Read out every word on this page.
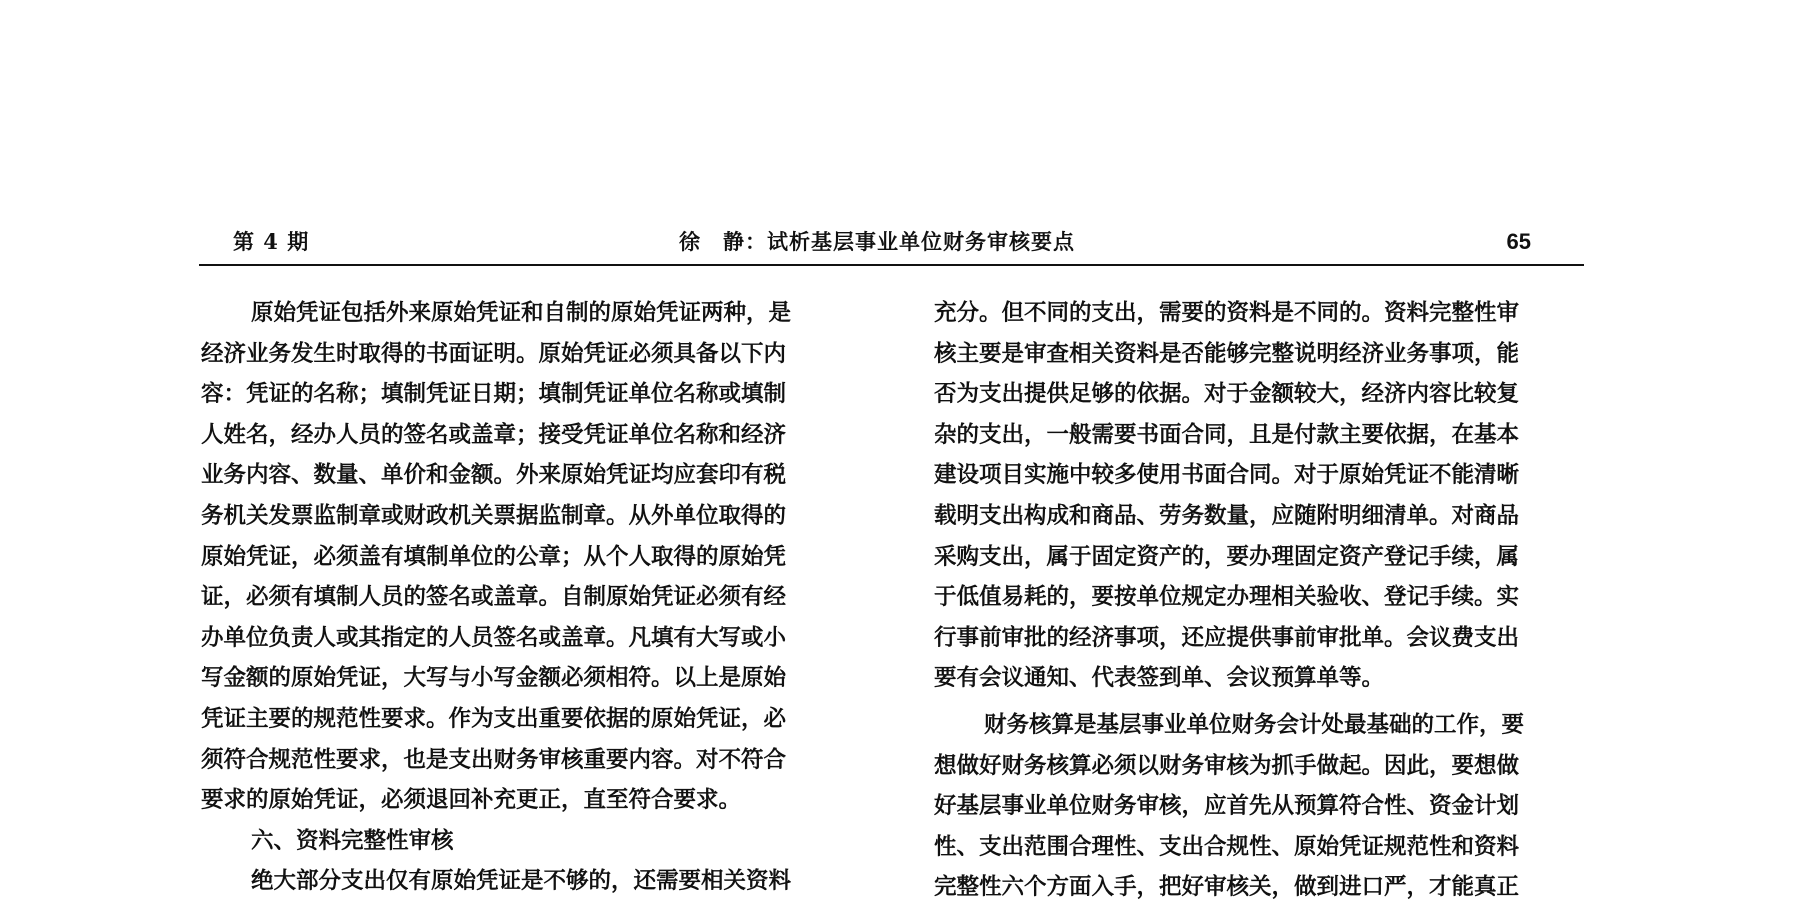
第 4 期	徐　静：试析基层事业单位财务审核要点	65
原始凭证包括外来原始凭证和自制的原始凭证两种，是
经济业务发生时取得的书面证明。原始凭证必须具备以下内
容：凭证的名称；填制凭证日期；填制凭证单位名称或填制
人姓名，经办人员的签名或盖章；接受凭证单位名称和经济
业务内容、数量、单价和金额。外来原始凭证均应套印有税
务机关发票监制章或财政机关票据监制章。从外单位取得的
原始凭证，必须盖有填制单位的公章；从个人取得的原始凭
证，必须有填制人员的签名或盖章。自制原始凭证必须有经
办单位负责人或其指定的人员签名或盖章。凡填有大写或小
写金额的原始凭证，大写与小写金额必须相符。以上是原始
凭证主要的规范性要求。作为支出重要依据的原始凭证，必
须符合规范性要求，也是支出财务审核重要内容。对不符合
要求的原始凭证，必须退回补充更正，直至符合要求。
六、资料完整性审核
绝大部分支出仅有原始凭证是不够的，还需要相关资料
充分。但不同的支出，需要的资料是不同的。资料完整性审
核主要是审查相关资料是否能够完整说明经济业务事项，能
否为支出提供足够的依据。对于金额较大，经济内容比较复
杂的支出，一般需要书面合同，且是付款主要依据，在基本
建设项目实施中较多使用书面合同。对于原始凭证不能清晰
载明支出构成和商品、劳务数量，应随附明细清单。对商品
采购支出，属于固定资产的，要办理固定资产登记手续，属
于低值易耗的，要按单位规定办理相关验收、登记手续。实
行事前审批的经济事项，还应提供事前审批单。会议费支出
要有会议通知、代表签到单、会议预算单等。
财务核算是基层事业单位财务会计处最基础的工作，要
想做好财务核算必须以财务审核为抓手做起。因此，要想做
好基层事业单位财务审核，应首先从预算符合性、资金计划
性、支出范围合理性、支出合规性、原始凭证规范性和资料
完整性六个方面入手，把好审核关，做到进口严，才能真正
